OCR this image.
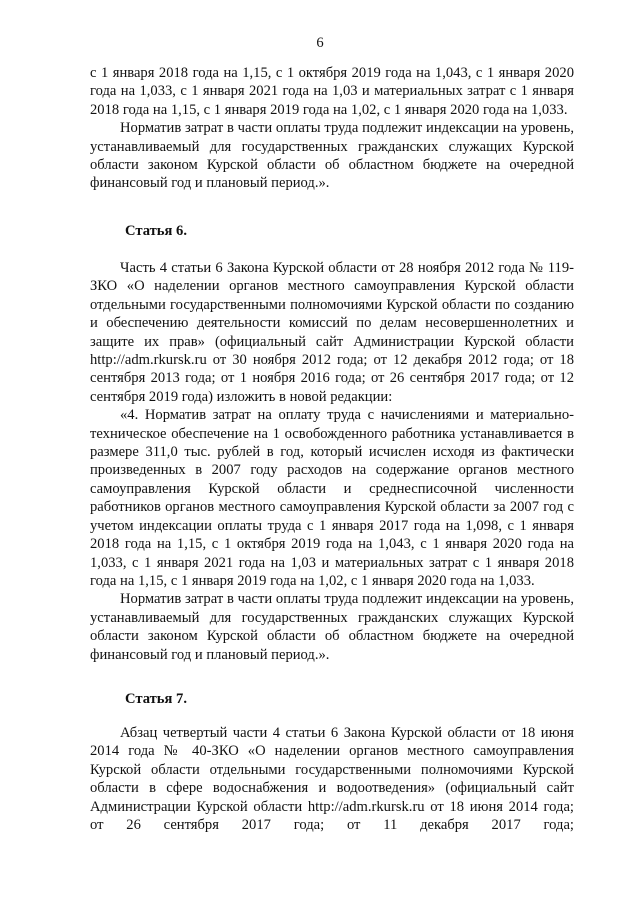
6

с 1 января 2018 года на 1,15, с 1 октября 2019 года на 1,043, с 1 января 2020 года на 1,033, с 1 января 2021 года на 1,03 и материальных затрат с 1 января 2018 года на 1,15, с 1 января 2019 года на 1,02, с 1 января 2020 года на 1,033.

Норматив затрат в части оплаты труда подлежит индексации на уровень, устанавливаемый для государственных гражданских служащих Курской области законом Курской области об областном бюджете на очередной финансовый год и плановый период.».

Статья 6.

Часть 4 статьи 6 Закона Курской области от 28 ноября 2012 года № 119-ЗКО «О наделении органов местного самоуправления Курской области отдельными государственными полномочиями Курской области по созданию и обеспечению деятельности комиссий по делам несовершеннолетних и защите их прав» (официальный сайт Администрации Курской области http://adm.rkursk.ru от 30 ноября 2012 года; от 12 декабря 2012 года; от 18 сентября 2013 года; от 1 ноября 2016 года; от 26 сентября 2017 года; от 12 сентября 2019 года) изложить в новой редакции:

«4. Норматив затрат на оплату труда с начислениями и материально-техническое обеспечение на 1 освобожденного работника устанавливается в размере 311,0 тыс. рублей в год, который исчислен исходя из фактически произведенных в 2007 году расходов на содержание органов местного самоуправления Курской области и среднесписочной численности работников органов местного самоуправления Курской области за 2007 год с учетом индексации оплаты труда с 1 января 2017 года на 1,098, с 1 января 2018 года на 1,15, с 1 октября 2019 года на 1,043, с 1 января 2020 года на 1,033, с 1 января 2021 года на 1,03 и материальных затрат с 1 января 2018 года на 1,15, с 1 января 2019 года на 1,02, с 1 января 2020 года на 1,033.

Норматив затрат в части оплаты труда подлежит индексации на уровень, устанавливаемый для государственных гражданских служащих Курской области законом Курской области об областном бюджете на очередной финансовый год и плановый период.».

Статья 7.

Абзац четвертый части 4 статьи 6 Закона Курской области от 18 июня 2014 года № 40-ЗКО «О наделении органов местного самоуправления Курской области отдельными государственными полномочиями Курской области в сфере водоснабжения и водоотведения» (официальный сайт Администрации Курской области http://adm.rkursk.ru от 18 июня 2014 года; от 26 сентября 2017 года; от 11 декабря 2017 года;
